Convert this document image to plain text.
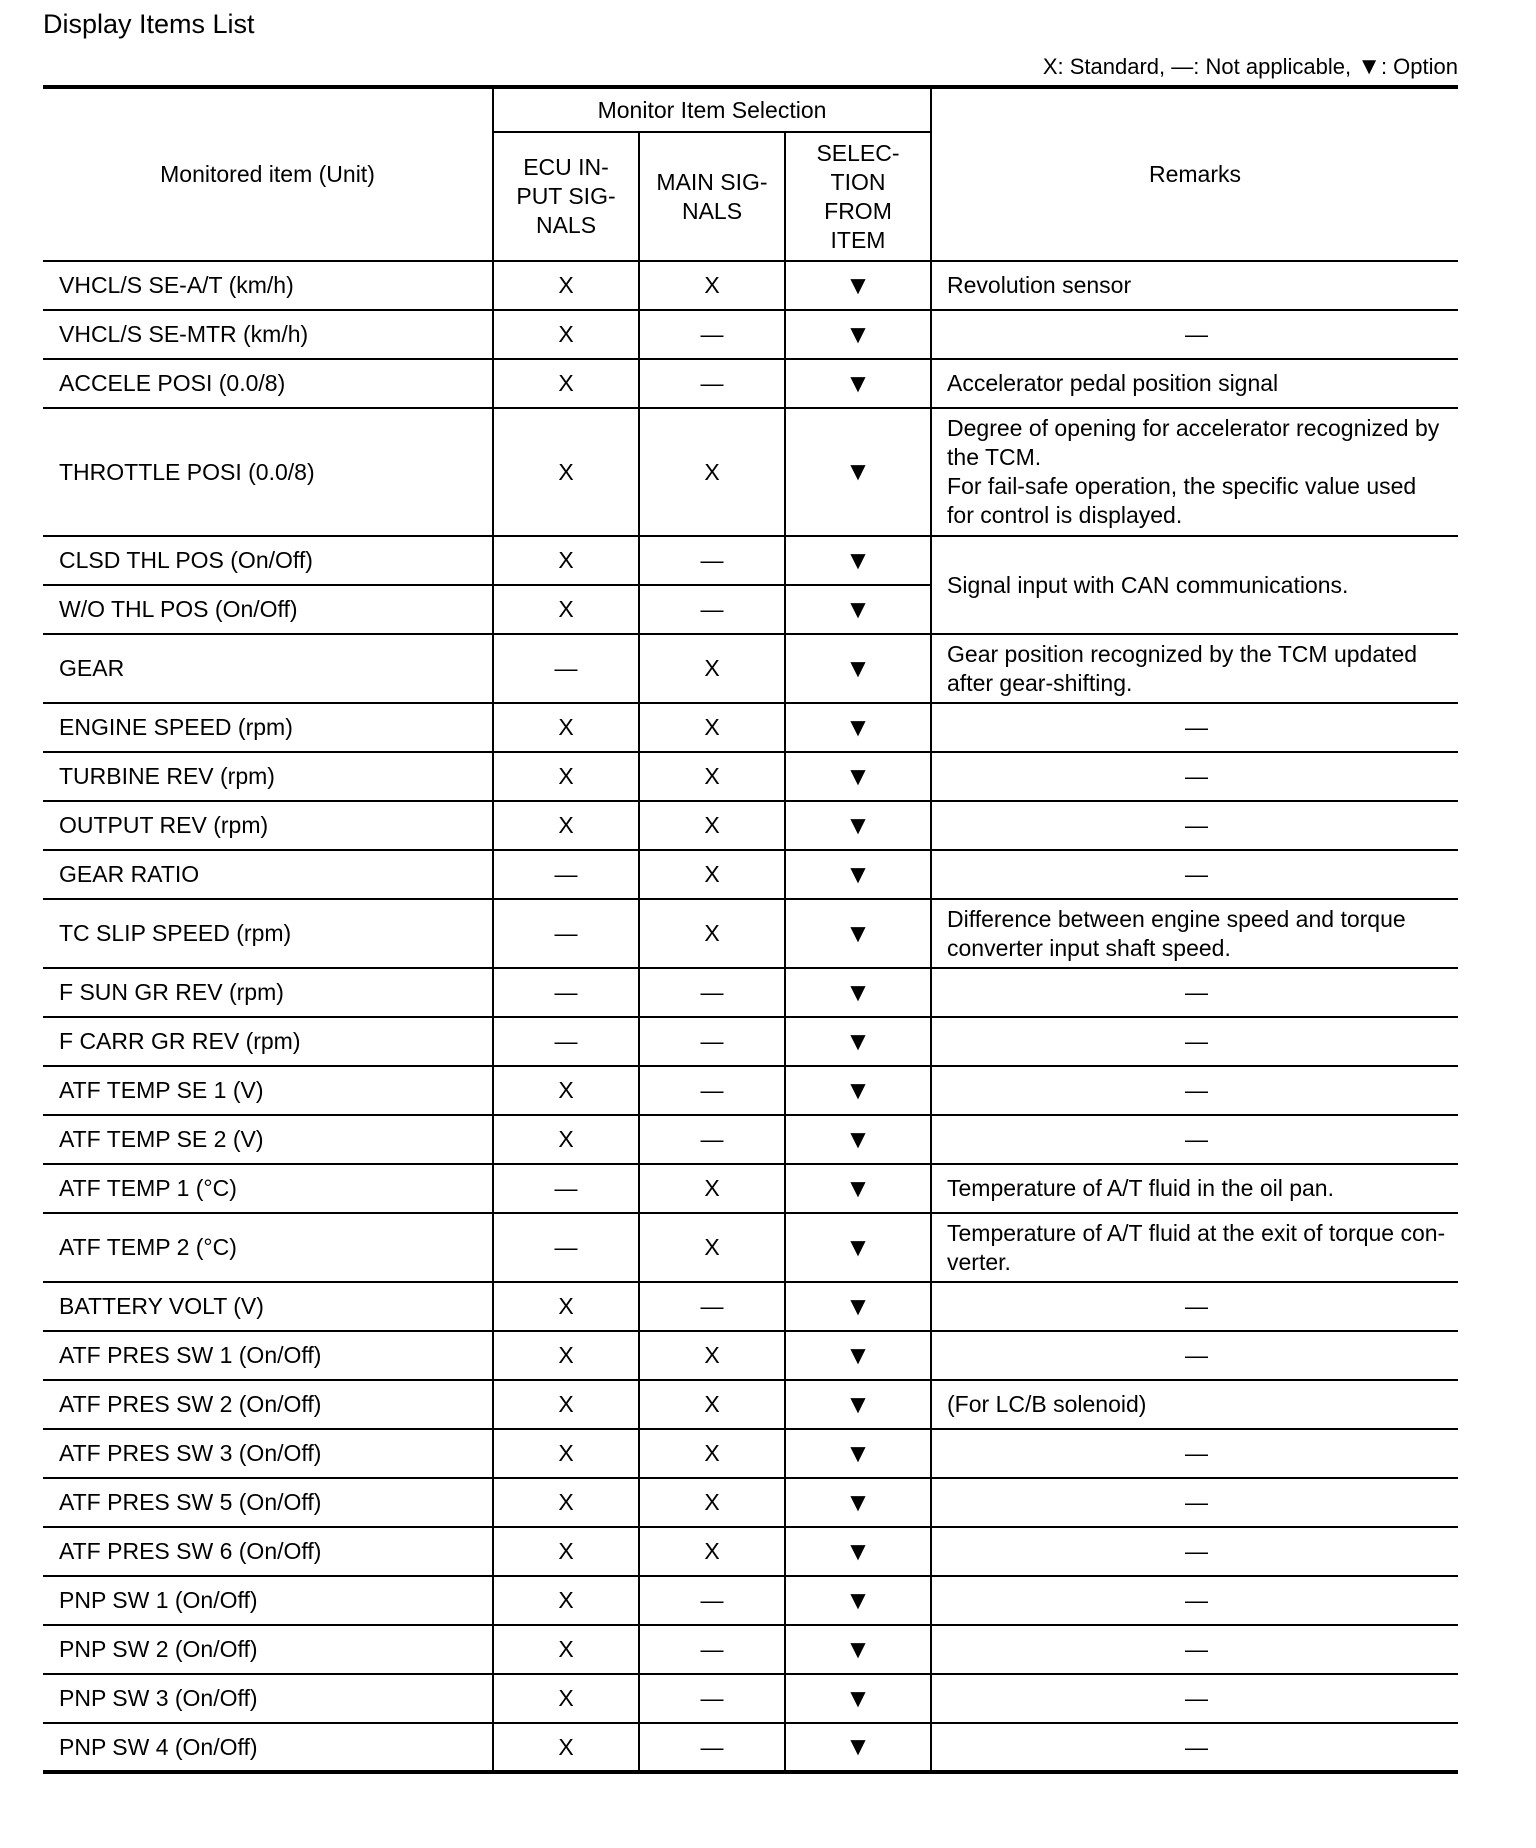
Display Items List
X: Standard, —: Not applicable, ▼: Option
Monitored item (Unit)	Monitor Item Selection			Remarks
	ECU IN-
PUT SIG-
NALS	MAIN SIG-
NALS	SELEC-
TION
FROM
ITEM	
VHCL/S SE-A/T (km/h)	X	X	▼	Revolution sensor
VHCL/S SE-MTR (km/h)	X	—	▼	—
ACCELE POSI (0.0/8)	X	—	▼	Accelerator pedal position signal
THROTTLE POSI (0.0/8)	X	X	▼	Degree of opening for accelerator recognized by the TCM.
For fail-safe operation, the specific value used for control is displayed.
CLSD THL POS (On/Off)	X	—	▼	Signal input with CAN communications.
W/O THL POS (On/Off)	X	—	▼	
GEAR	—	X	▼	Gear position recognized by the TCM updated after gear-shifting.
ENGINE SPEED (rpm)	X	X	▼	—
TURBINE REV (rpm)	X	X	▼	—
OUTPUT REV (rpm)	X	X	▼	—
GEAR RATIO	—	X	▼	—
TC SLIP SPEED (rpm)	—	X	▼	Difference between engine speed and torque converter input shaft speed.
F SUN GR REV (rpm)	—	—	▼	—
F CARR GR REV (rpm)	—	—	▼	—
ATF TEMP SE 1 (V)	X	—	▼	—
ATF TEMP SE 2 (V)	X	—	▼	—
ATF TEMP 1 (°C)	—	X	▼	Temperature of A/T fluid in the oil pan.
ATF TEMP 2 (°C)	—	X	▼	Temperature of A/T fluid at the exit of torque con-verter.
BATTERY VOLT (V)	X	—	▼	—
ATF PRES SW 1 (On/Off)	X	X	▼	—
ATF PRES SW 2 (On/Off)	X	X	▼	(For LC/B solenoid)
ATF PRES SW 3 (On/Off)	X	X	▼	—
ATF PRES SW 5 (On/Off)	X	X	▼	—
ATF PRES SW 6 (On/Off)	X	X	▼	—
PNP SW 1 (On/Off)	X	—	▼	—
PNP SW 2 (On/Off)	X	—	▼	—
PNP SW 3 (On/Off)	X	—	▼	—
PNP SW 4 (On/Off)	X	—	▼	—
